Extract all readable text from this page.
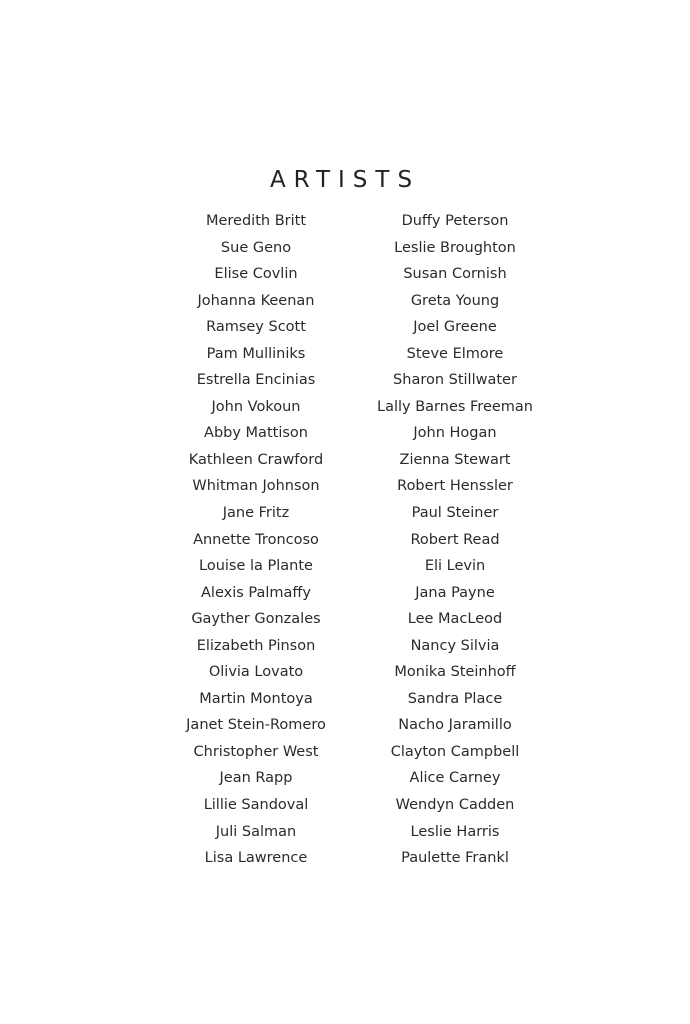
ARTISTS
Meredith Britt
Sue Geno
Elise Covlin
Johanna Keenan
Ramsey Scott
Pam Mulliniks
Estrella Encinias
John Vokoun
Abby Mattison
Kathleen Crawford
Whitman Johnson
Jane Fritz
Annette Troncoso
Louise la Plante
Alexis Palmaffy
Gayther Gonzales
Elizabeth Pinson
Olivia Lovato
Martin Montoya
Janet Stein-Romero
Christopher West
Jean Rapp
Lillie Sandoval
Juli Salman
Lisa Lawrence
Duffy Peterson
Leslie Broughton
Susan Cornish
Greta Young
Joel Greene
Steve Elmore
Sharon Stillwater
Lally Barnes Freeman
John Hogan
Zienna Stewart
Robert Henssler
Paul Steiner
Robert Read
Eli Levin
Jana Payne
Lee MacLeod
Nancy Silvia
Monika Steinhoff
Sandra Place
Nacho Jaramillo
Clayton Campbell
Alice Carney
Wendyn Cadden
Leslie Harris
Paulette Frankl
